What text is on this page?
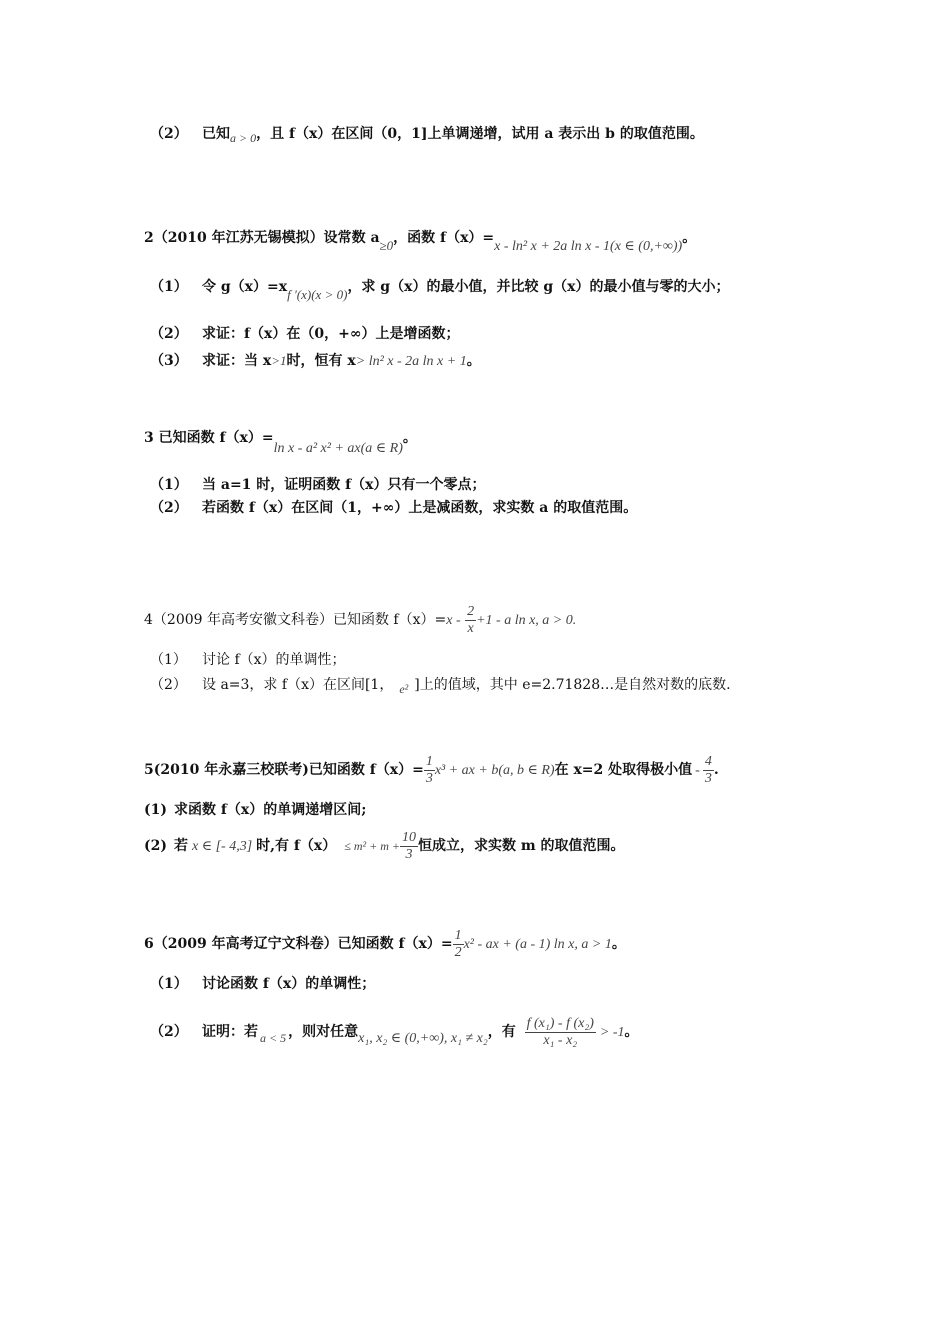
（2） 已知a > 0，且 f（x）在区间（0，1]上单调递增，试用 a 表示出 b 的取值范围。
2（2010 年江苏无锡模拟）设常数 a≥0，函数 f（x）=x - ln² x + 2a ln x - 1(x ∈ (0,+∞))。
（1） 令 g（x）=xf ′(x)(x > 0)，求 g（x）的最小值，并比较 g（x）的最小值与零的大小；
（2） 求证：f（x）在（0，+∞）上是增函数；
（3） 求证：当 x>1时，恒有 x> ln² x - 2a ln x + 1。
3 已知函数 f（x）=ln x - a² x² + ax(a ∈ R)。
（1） 当 a=1 时，证明函数 f（x）只有一个零点；
（2） 若函数 f（x）在区间（1，+∞）上是减函数，求实数 a 的取值范围。
4（2009 年高考安徽文科卷）已知函数 $f(x)=x - \frac{2}{x} +1 - a$ ln x, a > 0.
（1） 讨论 f（x）的单调性；
（2） 设 a=3，求 f（x）在区间[1， e² ]上的值域，其中 e=2.71828…是自然对数的底数.
5(2010 年永嘉三校联考)已知函数 $f(x)= \frac{1}{3} x^3$ + ax + b(a, b ∈ R)在 x=2 处取得极小值 - $\frac{4}{3}$ .
(1) 求函数 f（x）的单调递增区间;
(2) 若 x ∈ [- 4,3] 时,有 $f(x) \le m^2 + m + \frac{10}{3}$ 恒成立，求实数 m 的取值范围。
6（2009 年高考辽宁文科卷）已知函数 $f(x)= \frac{1}{2} x^2$ - ax + (a - 1) ln x, a > 1。
（1） 讨论函数 f（x）的单调性；
（2） 证明：若 a < 5 ，则对任意x₁, x₂ ∈ (0,+∞), x₁ ≠ x₂，有 $\frac{\text{f (x₁) - f (x₂)}}{\text{x₁ - x₂}} > -1$。
